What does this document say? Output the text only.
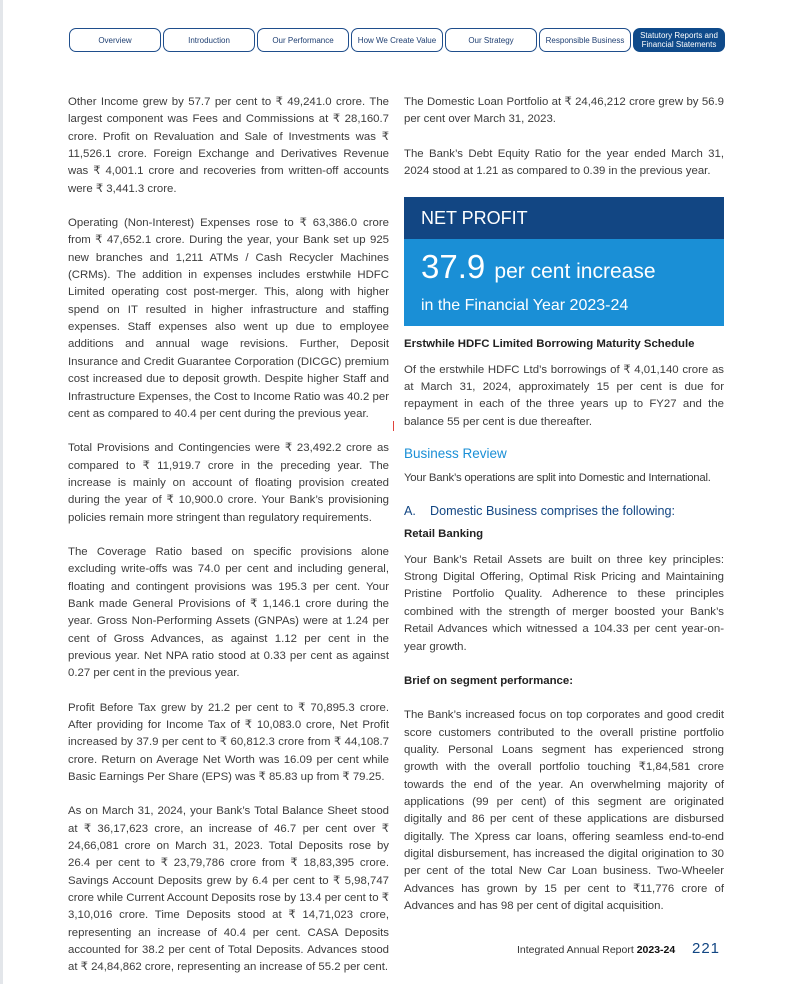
Overview	Introduction	Our Performance	How We Create Value	Our Strategy	Responsible Business	Statutory Reports and Financial Statements

Other Income grew by 57.7 per cent to ₹ 49,241.0 crore. The largest component was Fees and Commissions at ₹ 28,160.7 crore. Profit on Revaluation and Sale of Investments was ₹ 11,526.1 crore. Foreign Exchange and Derivatives Revenue was ₹ 4,001.1 crore and recoveries from written-off accounts were ₹ 3,441.3 crore.

Operating (Non-Interest) Expenses rose to ₹ 63,386.0 crore from ₹ 47,652.1 crore. During the year, your Bank set up 925 new branches and 1,211 ATMs / Cash Recycler Machines (CRMs). The addition in expenses includes erstwhile HDFC Limited operating cost post-merger. This, along with higher spend on IT resulted in higher infrastructure and staffing expenses. Staff expenses also went up due to employee additions and annual wage revisions. Further, Deposit Insurance and Credit Guarantee Corporation (DICGC) premium cost increased due to deposit growth. Despite higher Staff and Infrastructure Expenses, the Cost to Income Ratio was 40.2 per cent as compared to 40.4 per cent during the previous year.

Total Provisions and Contingencies were ₹ 23,492.2 crore as compared to ₹ 11,919.7 crore in the preceding year. The increase is mainly on account of floating provision created during the year of ₹ 10,900.0 crore. Your Bank’s provisioning policies remain more stringent than regulatory requirements.

The Coverage Ratio based on specific provisions alone excluding write-offs was 74.0 per cent and including general, floating and contingent provisions was 195.3 per cent. Your Bank made General Provisions of ₹ 1,146.1 crore during the year. Gross Non-Performing Assets (GNPAs) were at 1.24 per cent of Gross Advances, as against 1.12 per cent in the previous year. Net NPA ratio stood at 0.33 per cent as against 0.27 per cent in the previous year.

Profit Before Tax grew by 21.2 per cent to ₹ 70,895.3 crore. After providing for Income Tax of ₹ 10,083.0 crore, Net Profit increased by 37.9 per cent to ₹ 60,812.3 crore from ₹ 44,108.7 crore. Return on Average Net Worth was 16.09 per cent while Basic Earnings Per Share (EPS) was ₹ 85.83 up from ₹ 79.25.

As on March 31, 2024, your Bank’s Total Balance Sheet stood at ₹ 36,17,623 crore, an increase of 46.7 per cent over ₹ 24,66,081 crore on March 31, 2023. Total Deposits rose by 26.4 per cent to ₹ 23,79,786 crore from ₹ 18,83,395 crore. Savings Account Deposits grew by 6.4 per cent to ₹ 5,98,747 crore while Current Account Deposits rose by 13.4 per cent to ₹ 3,10,016 crore. Time Deposits stood at ₹ 14,71,023 crore, representing an increase of 40.4 per cent. CASA Deposits accounted for 38.2 per cent of Total Deposits. Advances stood at ₹ 24,84,862 crore, representing an increase of 55.2 per cent.

The Domestic Loan Portfolio at ₹ 24,46,212 crore grew by 56.9 per cent over March 31, 2023.

The Bank’s Debt Equity Ratio for the year ended March 31, 2024 stood at 1.21 as compared to 0.39 in the previous year.

NET PROFIT
37.9 per cent increase
in the Financial Year 2023-24
Erstwhile HDFC Limited Borrowing Maturity Schedule

Of the erstwhile HDFC Ltd’s borrowings of ₹ 4,01,140 crore as at March 31, 2024, approximately 15 per cent is due for repayment in each of the three years up to FY27 and the balance 55 per cent is due thereafter.

Business Review

Your Bank’s operations are split into Domestic and International.

A. Domestic Business comprises the following:
Retail Banking

Your Bank’s Retail Assets are built on three key principles: Strong Digital Offering, Optimal Risk Pricing and Maintaining Pristine Portfolio Quality. Adherence to these principles combined with the strength of merger boosted your Bank’s Retail Advances which witnessed a 104.33 per cent year-on-year growth.

Brief on segment performance:

The Bank’s increased focus on top corporates and good credit score customers contributed to the overall pristine portfolio quality. Personal Loans segment has experienced strong growth with the overall portfolio touching ₹1,84,581 crore towards the end of the year. An overwhelming majority of applications (99 per cent) of this segment are originated digitally and 86 per cent of these applications are disbursed digitally. The Xpress car loans, offering seamless end-to-end digital disbursement, has increased the digital origination to 30 per cent of the total New Car Loan business. Two-Wheeler Advances has grown by 15 per cent to ₹11,776 crore of Advances and has 98 per cent of digital acquisition.

Integrated Annual Report 2023-24 221
